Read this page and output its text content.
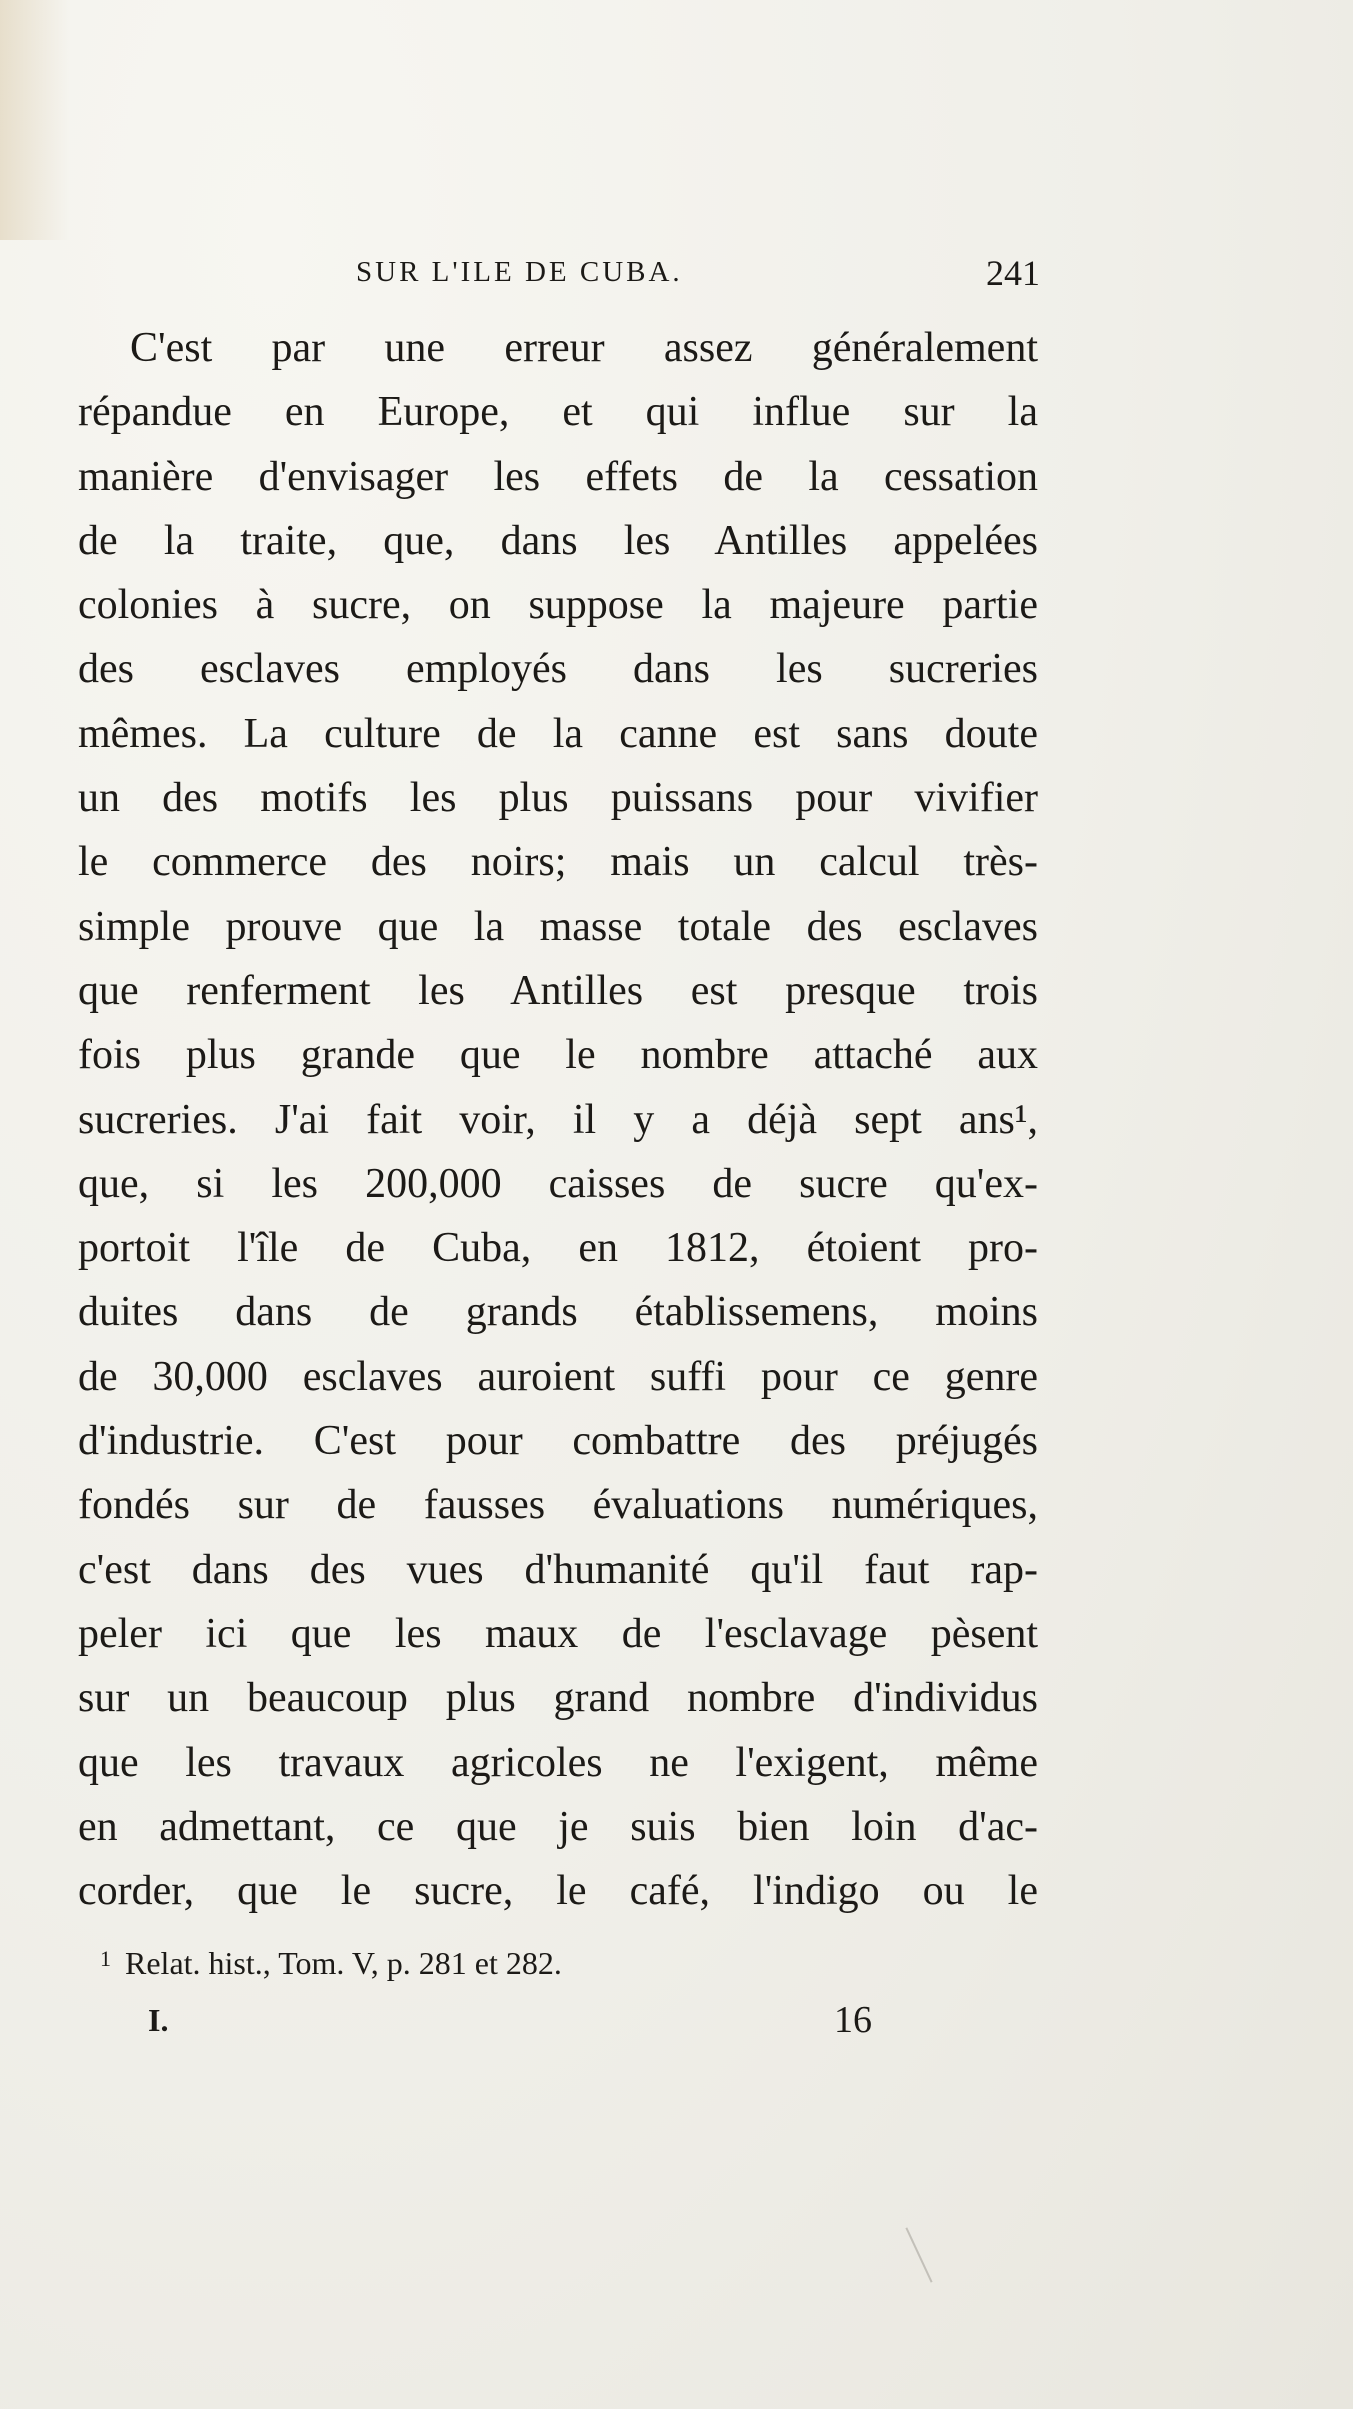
SUR L'ILE DE CUBA.	241
C'est par une erreur assez généralement
répandue en Europe, et qui influe sur la
manière d'envisager les effets de la cessation
de la traite, que, dans les Antilles appelées
colonies à sucre, on suppose la majeure partie
des esclaves employés dans les sucreries
mêmes. La culture de la canne est sans doute
un des motifs les plus puissans pour vivifier
le commerce des noirs; mais un calcul très-
simple prouve que la masse totale des esclaves
que renferment les Antilles est presque trois
fois plus grande que le nombre attaché aux
sucreries. J'ai fait voir, il y a déjà sept ans¹,
que, si les 200,000 caisses de sucre qu'ex-
portoit l'île de Cuba, en 1812, étoient pro-
duites dans de grands établissemens, moins
de 30,000 esclaves auroient suffi pour ce genre
d'industrie. C'est pour combattre des préjugés
fondés sur de fausses évaluations numériques,
c'est dans des vues d'humanité qu'il faut rap-
peler ici que les maux de l'esclavage pèsent
sur un beaucoup plus grand nombre d'individus
que les travaux agricoles ne l'exigent, même
en admettant, ce que je suis bien loin d'ac-
corder, que le sucre, le café, l'indigo ou le
$^1$ Relat. hist., Tom. V, p. 281 et 282.
I.	16
